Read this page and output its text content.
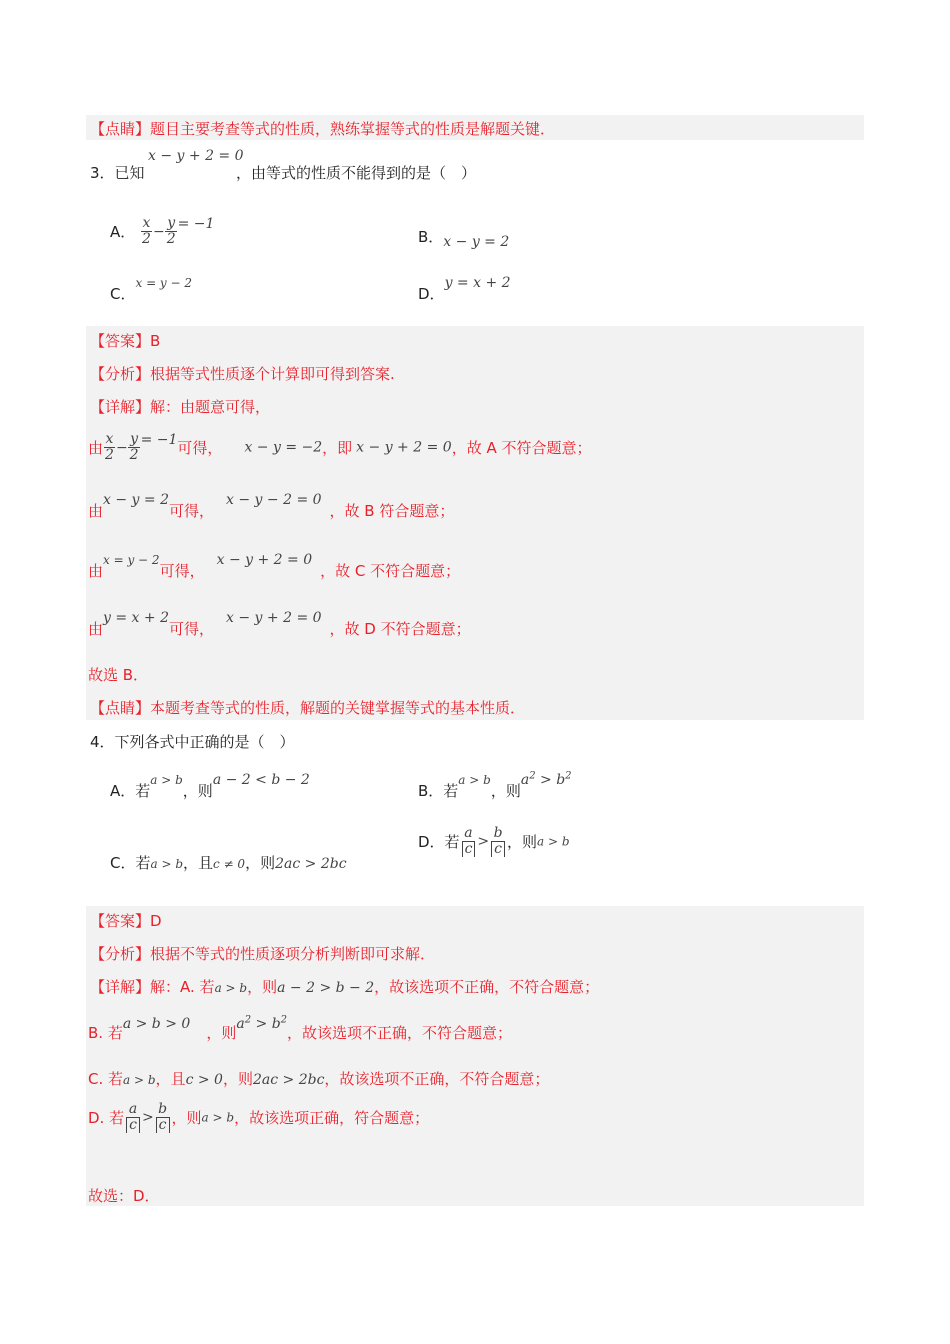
【点睛】题目主要考查等式的性质，熟练掌握等式的性质是解题关键．
3．已知
x − y + 2 = 0
，由等式的性质不能得到的是（　）
A． $\frac{x}{2} - \frac{y}{2} = -1$
B．x − y = 2
C．$^{x = y - 2}$
D．y = x + 2
【答案】B
【分析】根据等式性质逐个计算即可得到答案.
【详解】解：由题意可得，
由 $\frac{x}{2} - \frac{y}{2} = -1$可得， x − y = −2，即 x − y + 2 = 0，故 A 不符合题意；
由x − y = 2可得，x − y − 2 = 0，故 B 符合题意；
由$^{x = y - 2}$可得，x − y + 2 = 0，故 C 不符合题意；
由y = x + 2可得，x − y + 2 = 0，故 D 不符合题意；
故选 B．
【点睛】本题考查等式的性质，解题的关键掌握等式的基本性质．
4．下列各式中正确的是（　）
A．若$^{a > b}$，则a − 2 < b − 2
B．若$^{a > b}$，则$a^2 > b^2$
C．若a > b，且c ≠ 0，则2ac > 2bc
D．若 $\frac{a}{c} > \frac{b}{c}$ ，则a > b
【答案】D
【分析】根据不等式的性质逐项分析判断即可求解．
【详解】解：A. 若a > b，则a − 2 > b − 2，故该选项不正确，不符合题意；
B. 若a > b > 0 ，则$a^2 > b^2$，故该选项不正确，不符合题意；
C. 若a > b，且c > 0，则2ac > 2bc，故该选项不正确，不符合题意；
D. 若 $\frac{a}{c} > \frac{b}{c}$ ，则a > b，故该选项正确，符合题意；
故选：D．
